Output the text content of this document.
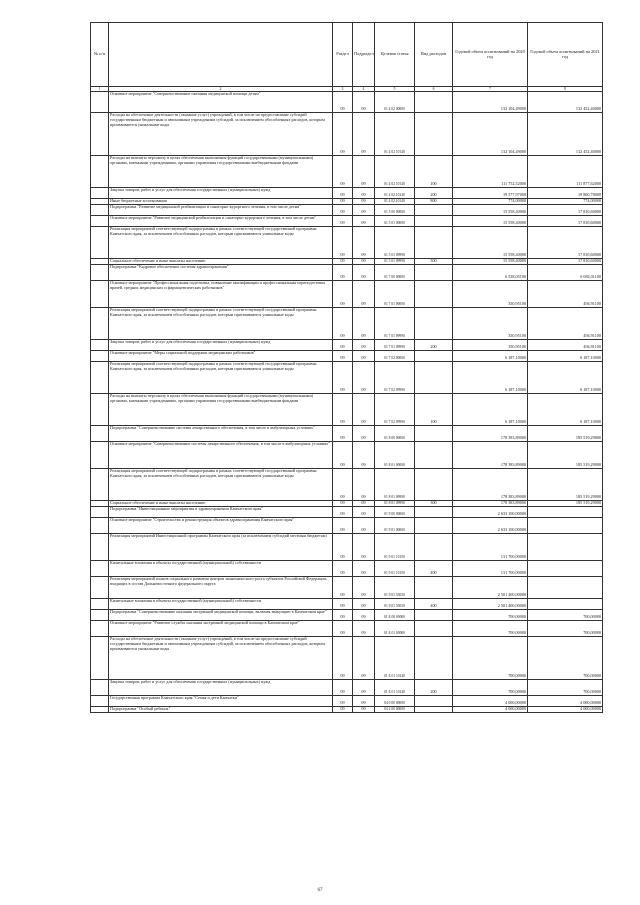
№ п/п		Раздел	Подраздел	Целевая статья	Вид расходов	Годовой объем ассигнований на 2020 год	Годовой объем ассигнований на 2021 год
1	2	3	4	5	6	7	8
	Основное мероприятие "Совершенствование оказания медицинской помощи детям"	09	09	01 4 02 00000		132 104,49000	132 452,40000
	Расходы на обеспечение деятельности (оказание услуг) учреждений, в том числе на предоставление субсидий государственным бюджетным и автономным учреждениям субсидий, за исключением обособленных расходов, которым присваиваются уникальные коды	09	09	01 4 02 10140		132 104,49000	132 452,40000
	Расходы на выплаты персоналу в целях обеспечения выполнения функций государственными (муниципальными) органами, казенными учреждениями, органами управления государственными внебюджетными фондами	09	09	01 4 02 10140	100	111 752,52000	111 877,62000
	Закупка товаров, работ и услуг для обеспечения государственных (муниципальных) нужд	09	09	01 4 02 10140	200	19 577,97000	19 800,78000
	Иные бюджетные ассигнования	09	09	01 4 02 10140	800	774,00000	774,00000
	Подпрограмма "Развитие медицинской реабилитации и санаторно-курортного лечения, в том числе детям"	09	09	01 5 00 00000		15 558,40000	17 810,60000
	Основное мероприятие "Развитие медицинской реабилитации и санаторно-курортного лечения, в том числе детям"	09	09	01 5 01 00000		15 558,40000	17 810,60000
	Реализация мероприятий соответствующей подпрограммы в рамках соответствующей государственной программы Камчатского края, за исключением обособленных расходов, которым присваиваются уникальные коды	09	09	01 5 01 09990		15 558,40000	17 810,60000
	Социальное обеспечение и иные выплаты населению	09	09	01 5 01 09990	300	15 558,40000	17 810,60000
	Подпрограмма "Кадровое обеспечение системы здравоохранения"	09	09	01 7 00 00000		6 538,05100	6 682,01100
	Основное мероприятие "Профессиональная подготовка, повышение квалификации и профессиональная переподготовка врачей, средних медицинских и фармацевтических работников"	09	09	01 7 01 00000		350,95100	494,91100
	Реализация мероприятий соответствующей подпрограммы в рамках соответствующей государственной программы Камчатского края, за исключением обособленных расходов, которым присваиваются уникальные коды	09	09	01 7 01 09990		350,95100	494,91100
	Закупка товаров, работ и услуг для обеспечения государственных (муниципальных) нужд	09	09	01 7 01 09990	200	350,95100	494,91100
	Основное мероприятие "Меры социальной поддержки медицинских работников"	09	09	01 7 02 00000		6 187,10000	6 187,10000
	Реализация мероприятий соответствующей подпрограммы в рамках соответствующей государственной программы Камчатского края, за исключением обособленных расходов, которым присваиваются уникальные коды	09	09	01 7 02 09990		6 187,10000	6 187,10000
	Расходы на выплаты персоналу в целях обеспечения выполнения функций государственными (муниципальными) органами, казенными учреждениями, органами управления государственными внебюджетными фондами	09	09	01 7 02 09990	100	6 187,10000	6 187,10000
	Подпрограмма "Совершенствование системы лекарственного обеспечения, в том числе в амбулаторных условиях"	09	09	01 8 00 00000		178 383,89000	185 519,29000
	Основное мероприятие "Совершенствование системы лекарственного обеспечения, в том числе в амбулаторных условиях"	09	09	01 8 01 00000		178 383,89000	185 519,29000
	Реализация мероприятий соответствующей подпрограммы в рамках соответствующей государственной программы Камчатского края, за исключением обособленных расходов, которым присваиваются уникальные коды	09	09	01 8 01 09990		178 383,89000	185 519,29000
	Социальное обеспечение и иные выплаты населению	09	09	01 8 01 09990	300	178 383,89000	185 519,29000
	Подпрограмма "Инвестиционные мероприятия в здравоохранении Камчатского края"	09	09	01 9 00 00000		2 633 100,00000	
	Основное мероприятие "Строительство и реконструкция объектов здравоохранения Камчатского края"	09	09	01 9 01 00000		2 633 100,00000	
	Реализация мероприятий Инвестиционной программы Камчатского края (за исключением субсидий местным бюджетам)	09	09	01 9 01 10150		131 700,00000	
	Капитальные вложения в объекты государственной (муниципальной) собственности	09	09	01 9 01 10150	400	131 700,00000	
	Реализация мероприятий планов социального развития центров экономического роста субъектов Российской Федерации, входящих в состав Дальневосточного федерального округа	09	09	01 9 01 55050		2 501 400,00000	
	Капитальные вложения в объекты государственной (муниципальной) собственности	09	09	01 9 01 55050	400	2 501 400,00000	
	Подпрограмма "Совершенствование оказания экстренной медицинской помощи, включая эвакуацию в Камчатском крае"	09	09	01 Б 00 00000		700,00000	700,00000
	Основное мероприятие "Развитие службы оказания экстренной медицинской помощи в Камчатском крае"	09	09	01 Б 01 00000		700,00000	700,00000
	Расходы на обеспечение деятельности (оказание услуг) учреждений, в том числе на предоставление субсидий государственным бюджетным и автономным учреждениям субсидий, за исключением обособленных расходов, которым присваиваются уникальные коды	09	09	01 Б 01 10140		700,00000	700,00000
	Закупка товаров, работ и услуг для обеспечения государственных (муниципальных) нужд	09	09	01 Б 01 10140	200	700,00000	700,00000
	Государственная программа Камчатского края "Семья и дети Камчатки"	09	09	04 0 00 00000		4 000,00000	4 000,00000
	Подпрограмма "Особый ребенок"	09	09	04 2 00 00000		4 000,00000	4 000,00000
67
